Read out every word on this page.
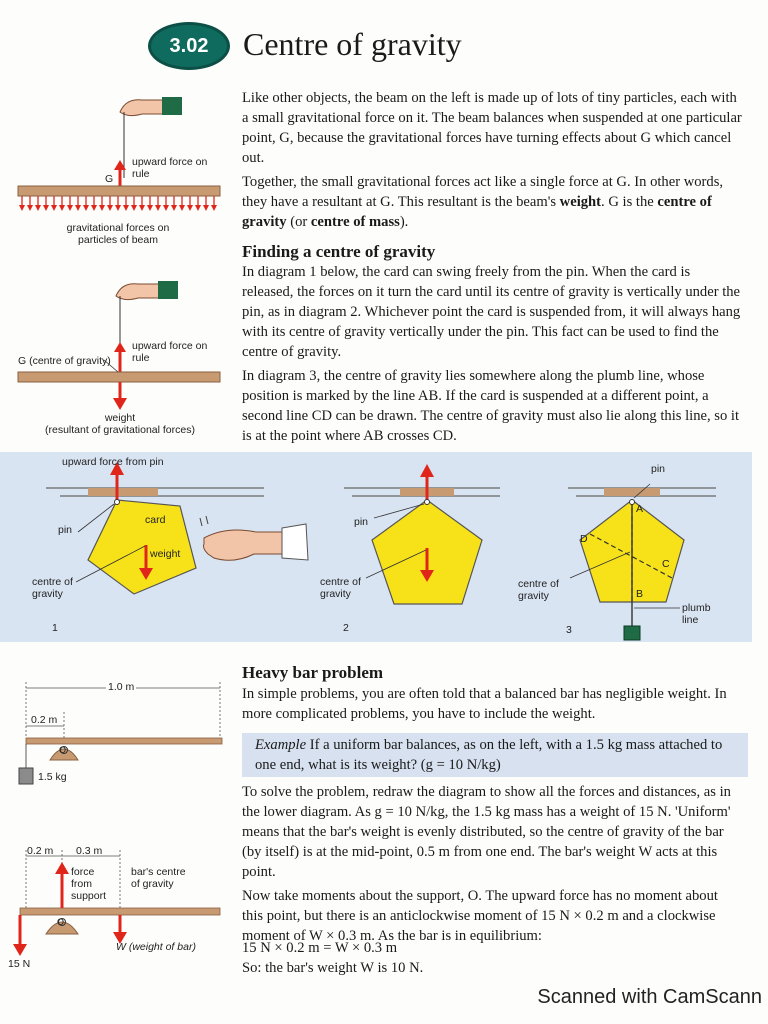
3.02	Centre of gravity

Like other objects, the beam on the left is made up of lots of tiny particles, each with a small gravitational force on it. The beam balances when suspended at one particular point, G, because the gravitational forces have turning effects about G which cancel out.

Together, the small gravitational forces act like a single force at G. In other words, they have a resultant at G. This resultant is the beam's weight. G is the centre of gravity (or centre of mass).

Finding a centre of gravity

In diagram 1 below, the card can swing freely from the pin. When the card is released, the forces on it turn the card until its centre of gravity is vertically under the pin, as in diagram 2. Whichever point the card is suspended from, it will always hang with its centre of gravity vertically under the pin. This fact can be used to find the centre of gravity.

In diagram 3, the centre of gravity lies somewhere along the plumb line, whose position is marked by the line AB. If the card is suspended at a different point, a second line CD can be drawn. The centre of gravity must also lie along this line, so it is at the point where AB crosses CD.

Heavy bar problem

In simple problems, you are often told that a balanced bar has negligible weight. In more complicated problems, you have to include the weight.

Example If a uniform bar balances, as on the left, with a 1.5 kg mass attached to one end, what is its weight? (g = 10 N/kg)

To solve the problem, redraw the diagram to show all the forces and distances, as in the lower diagram. As g = 10 N/kg, the 1.5 kg mass has a weight of 15 N. 'Uniform' means that the bar's weight is evenly distributed, so the centre of gravity of the bar (by itself) is at the mid-point, 0.5 m from one end. The bar's weight W acts at this point.

Now take moments about the support, O. The upward force has no moment about this point, but there is an anticlockwise moment of 15 N × 0.2 m and a clockwise moment of W × 0.3 m. As the bar is in equilibrium:

15 N × 0.2 m = W × 0.3 m

So: the bar's weight W is 10 N.

upward force on rule
G
gravitational forces on particles of beam
upward force on rule
G (centre of gravity)
weight
(resultant of gravitational forces)
upward force from pin
pin
card
weight
centre of gravity
1
pin
centre of gravity
2
pin
A
D
C
B
centre of gravity
plumb line
3
1.0 m
0.2 m
O
1.5 kg
0.2 m 0.3 m
force from support
bar's centre of gravity
O
W (weight of bar)
15 N
Scanned with CamScann
